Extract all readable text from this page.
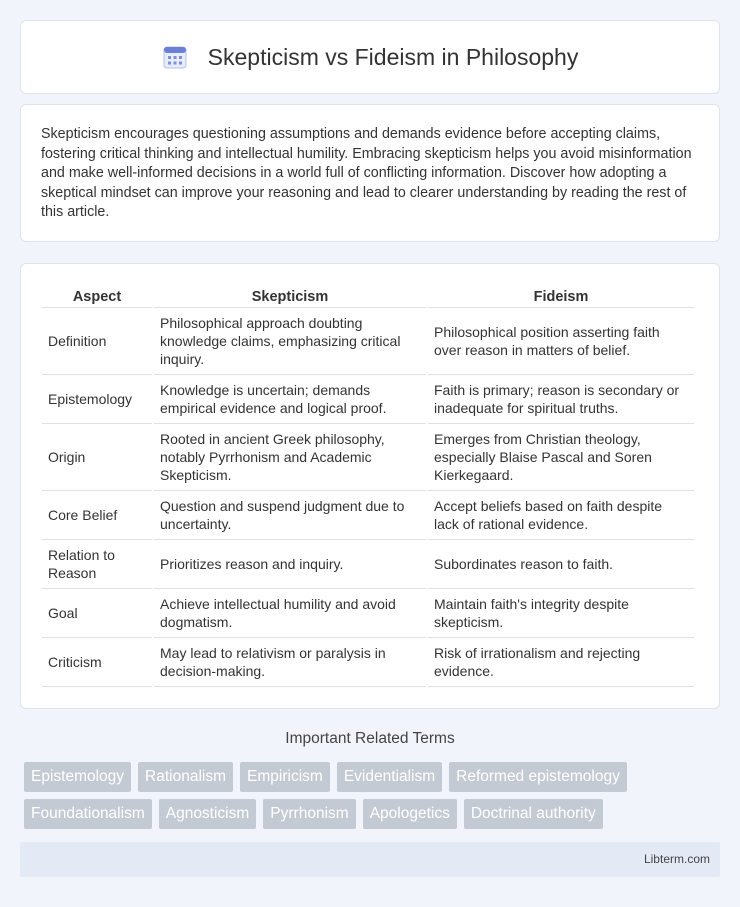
Skepticism vs Fideism in Philosophy

Skepticism encourages questioning assumptions and demands evidence before accepting claims, fostering critical thinking and intellectual humility. Embracing skepticism helps you avoid misinformation and make well-informed decisions in a world full of conflicting information. Discover how adopting a skeptical mindset can improve your reasoning and lead to clearer understanding by reading the rest of this article.

Aspect	Skepticism	Fideism
Definition	Philosophical approach doubting knowledge claims, emphasizing critical inquiry.	Philosophical position asserting faith over reason in matters of belief.
Epistemology	Knowledge is uncertain; demands empirical evidence and logical proof.	Faith is primary; reason is secondary or inadequate for spiritual truths.
Origin	Rooted in ancient Greek philosophy, notably Pyrrhonism and Academic Skepticism.	Emerges from Christian theology, especially Blaise Pascal and Soren Kierkegaard.
Core Belief	Question and suspend judgment due to uncertainty.	Accept beliefs based on faith despite lack of rational evidence.
Relation to Reason	Prioritizes reason and inquiry.	Subordinates reason to faith.
Goal	Achieve intellectual humility and avoid dogmatism.	Maintain faith's integrity despite skepticism.
Criticism	May lead to relativism or paralysis in decision-making.	Risk of irrationalism and rejecting evidence.
Important Related Terms
Epistemology	Rationalism	Empiricism	Evidentialism	Reformed epistemology
Foundationalism	Agnosticism	Pyrrhonism	Apologetics	Doctrinal authority
Libterm.com
